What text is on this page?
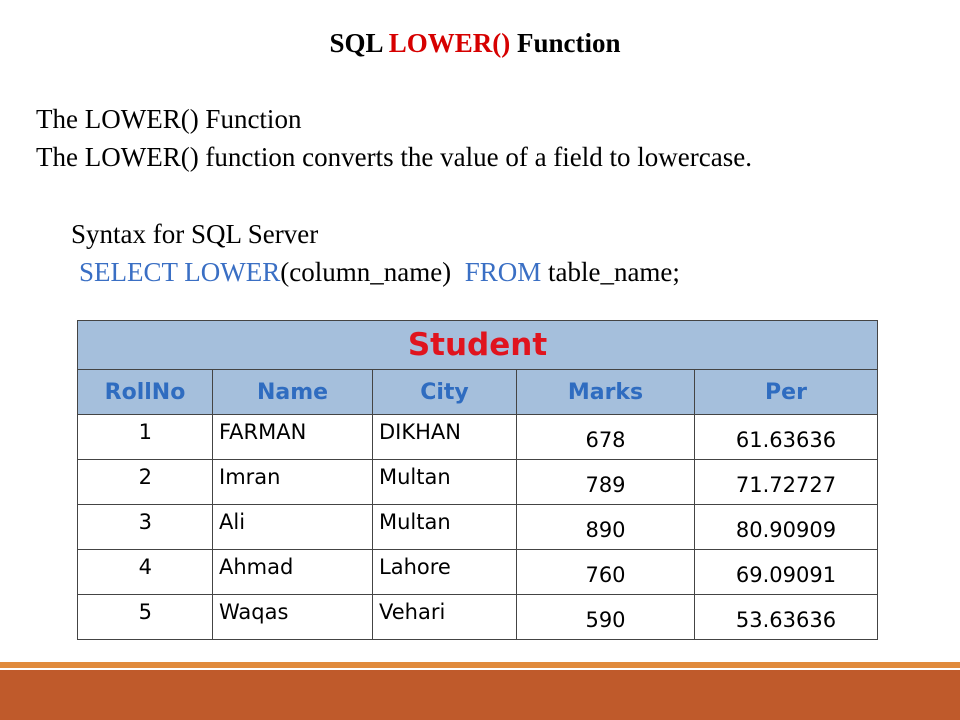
SQL LOWER() Function
The LOWER() Function
The LOWER() function converts the value of a field to lowercase.
Syntax for SQL Server
SELECT LOWER(column_name) FROM table_name;
Student				
RollNo	Name	City	Marks	Per
1	FARMAN	DIKHAN	678	61.63636
2	Imran	Multan	789	71.72727
3	Ali	Multan	890	80.90909
4	Ahmad	Lahore	760	69.09091
5	Waqas	Vehari	590	53.63636
